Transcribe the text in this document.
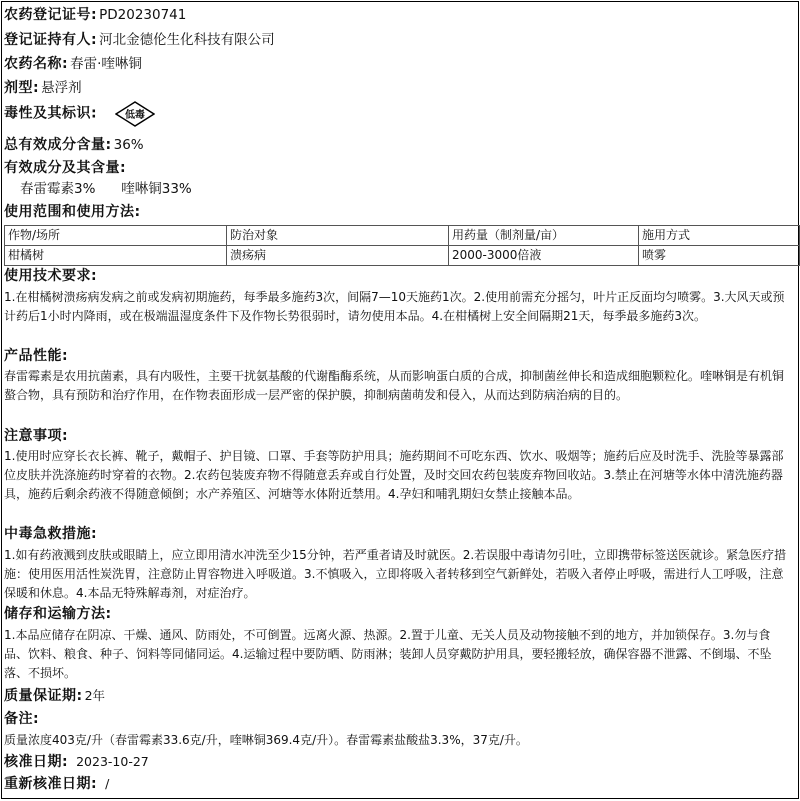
农药登记证号: PD20230741
登记证持有人: 河北金德伦生化科技有限公司
农药名称: 春雷·喹啉铜
剂型: 悬浮剂
毒性及其标识:	低毒
总有效成分含量: 36%
有效成分及其含量:
春雷霉素3% 喹啉铜33%
使用范围和使用方法:
作物/场所	防治对象	用药量（制剂量/亩）	施用方式
柑橘树	溃疡病	2000-3000倍液	喷雾
使用技术要求:
1.在柑橘树溃疡病发病之前或发病初期施药，每季最多施药3次，间隔7—10天施药1次。2.使用前需充分摇匀，叶片正反面均匀喷雾。3.大风天或预计药后1小时内降雨，或在极端温湿度条件下及作物长势很弱时，请勿使用本品。4.在柑橘树上安全间隔期21天，每季最多施药3次。
产品性能:
春雷霉素是农用抗菌素，具有内吸性，主要干扰氨基酸的代谢酯酶系统，从而影响蛋白质的合成，抑制菌丝伸长和造成细胞颗粒化。喹啉铜是有机铜螯合物，具有预防和治疗作用，在作物表面形成一层严密的保护膜，抑制病菌萌发和侵入，从而达到防病治病的目的。
注意事项:
1.使用时应穿长衣长裤、靴子，戴帽子、护目镜、口罩、手套等防护用具；施药期间不可吃东西、饮水、吸烟等；施药后应及时洗手、洗脸等暴露部位皮肤并洗涤施药时穿着的衣物。2.农药包装废弃物不得随意丢弃或自行处置，及时交回农药包装废弃物回收站。3.禁止在河塘等水体中清洗施药器具，施药后剩余药液不得随意倾倒；水产养殖区、河塘等水体附近禁用。4.孕妇和哺乳期妇女禁止接触本品。
中毒急救措施:
1.如有药液溅到皮肤或眼睛上，应立即用清水冲洗至少15分钟，若严重者请及时就医。2.若误服中毒请勿引吐，立即携带标签送医就诊。紧急医疗措施：使用医用活性炭洗胃，注意防止胃容物进入呼吸道。3.不慎吸入，立即将吸入者转移到空气新鲜处，若吸入者停止呼吸，需进行人工呼吸，注意保暖和休息。4.本品无特殊解毒剂，对症治疗。
储存和运输方法:
1.本品应储存在阴凉、干燥、通风、防雨处，不可倒置。远离火源、热源。2.置于儿童、无关人员及动物接触不到的地方，并加锁保存。3.勿与食品、饮料、粮食、种子、饲料等同储同运。4.运输过程中要防晒、防雨淋；装卸人员穿戴防护用具，要轻搬轻放，确保容器不泄露、不倒塌、不坠落、不损坏。
质量保证期: 2年
备注:
质量浓度403克/升（春雷霉素33.6克/升，喹啉铜369.4克/升）。春雷霉素盐酸盐3.3%，37克/升。
核准日期: 2023-10-27
重新核准日期: /
